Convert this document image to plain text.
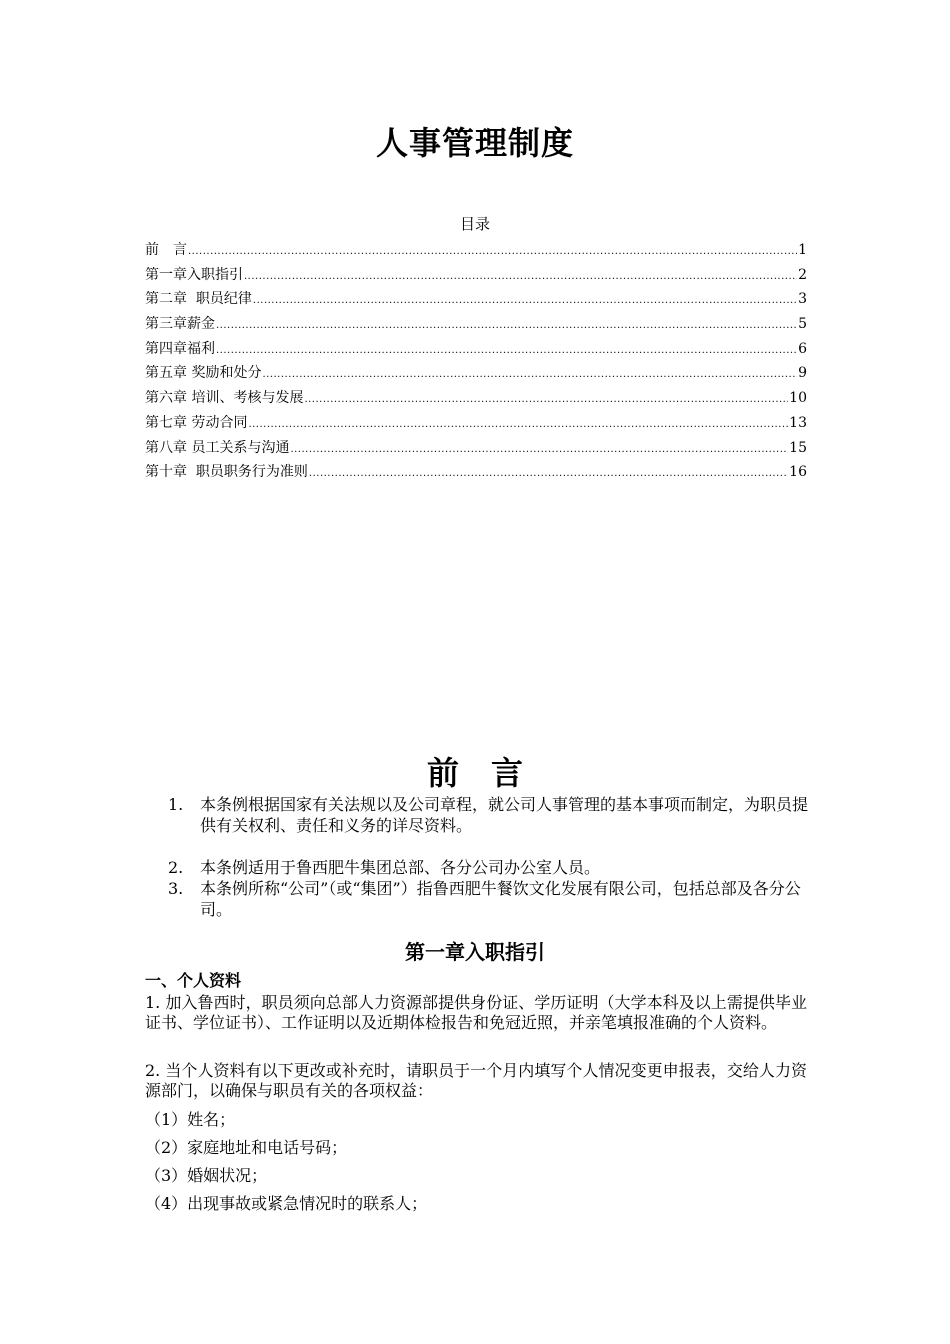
人事管理制度
目录
前　言 .....	1
第一章入职指引 .....	2
第二章  职员纪律 .....	3
第三章薪金 .....	5
第四章福利 .....	6
第五章 奖励和处分 .....	9
第六章 培训、考核与发展 .....	10
第七章 劳动合同 .....	13
第八章 员工关系与沟通 .....	15
第十章  职员职务行为准则 .....	16
前　言
1.	本条例根据国家有关法规以及公司章程，就公司人事管理的基本事项而制定，为职员提供有关权利、责任和义务的详尽资料。
2.	本条例适用于鲁西肥牛集团总部、各分公司办公室人员。
3.	本条例所称“公司”（或“集团”）指鲁西肥牛餐饮文化发展有限公司，包括总部及各分公司。
第一章入职指引
一、个人资料
1. 加入鲁西时，职员须向总部人力资源部提供身份证、学历证明（大学本科及以上需提供毕业证书、学位证书）、工作证明以及近期体检报告和免冠近照，并亲笔填报准确的个人资料。
2. 当个人资料有以下更改或补充时，请职员于一个月内填写个人情况变更申报表，交给人力资源部门，以确保与职员有关的各项权益：
（1）姓名；
（2）家庭地址和电话号码；
（3）婚姻状况；
（4）出现事故或紧急情况时的联系人；
